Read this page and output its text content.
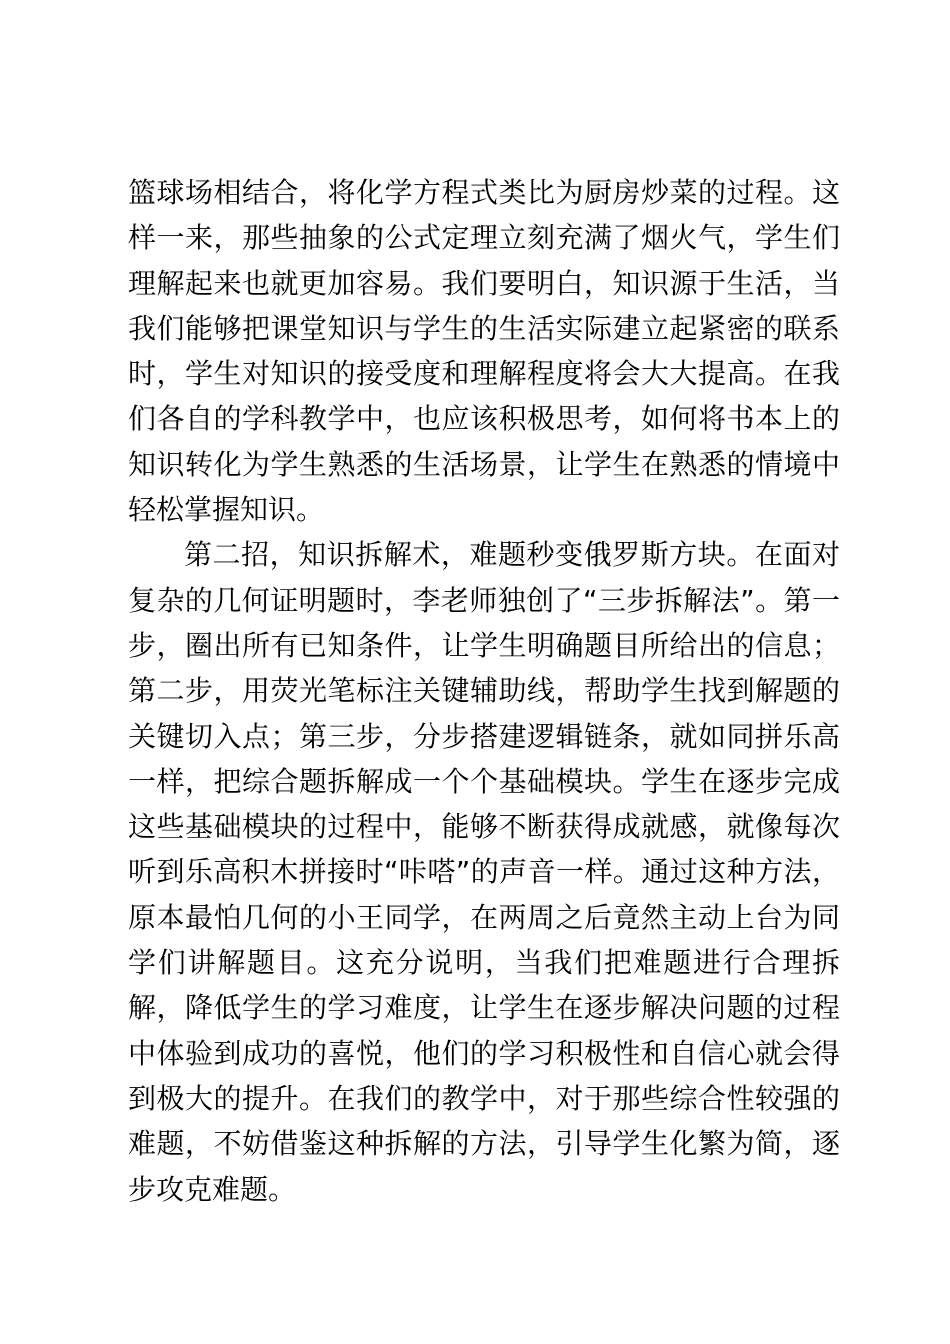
篮球场相结合，将化学方程式类比为厨房炒菜的过程。这样一来，那些抽象的公式定理立刻充满了烟火气，学生们理解起来也就更加容易。我们要明白，知识源于生活，当我们能够把课堂知识与学生的生活实际建立起紧密的联系时，学生对知识的接受度和理解程度将会大大提高。在我们各自的学科教学中，也应该积极思考，如何将书本上的知识转化为学生熟悉的生活场景，让学生在熟悉的情境中轻松掌握知识。

第二招，知识拆解术，难题秒变俄罗斯方块。在面对复杂的几何证明题时，李老师独创了“三步拆解法”。第一步，圈出所有已知条件，让学生明确题目所给出的信息；第二步，用荧光笔标注关键辅助线，帮助学生找到解题的关键切入点；第三步，分步搭建逻辑链条，就如同拼乐高一样，把综合题拆解成一个个基础模块。学生在逐步完成这些基础模块的过程中，能够不断获得成就感，就像每次听到乐高积木拼接时“咔嗒”的声音一样。通过这种方法，原本最怕几何的小王同学，在两周之后竟然主动上台为同学们讲解题目。这充分说明，当我们把难题进行合理拆解，降低学生的学习难度，让学生在逐步解决问题的过程中体验到成功的喜悦，他们的学习积极性和自信心就会得到极大的提升。在我们的教学中，对于那些综合性较强的难题，不妨借鉴这种拆解的方法，引导学生化繁为简，逐步攻克难题。
